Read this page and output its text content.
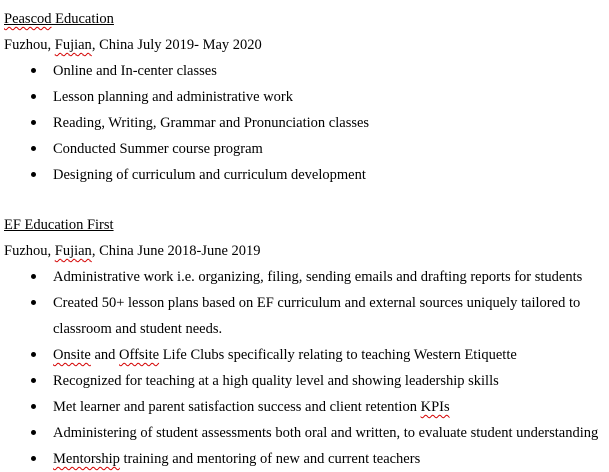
Peascod Education
Fuzhou, Fujian, China July 2019- May 2020
Online and In-center classes
Lesson planning and administrative work
Reading, Writing, Grammar and Pronunciation classes
Conducted Summer course program
Designing of curriculum and curriculum development
EF Education First
Fuzhou, Fujian, China June 2018-June 2019
Administrative work i.e. organizing, filing, sending emails and drafting reports for students
Created 50+ lesson plans based on EF curriculum and external sources uniquely tailored to
classroom and student needs.
Onsite and Offsite Life Clubs specifically relating to teaching Western Etiquette
Recognized for teaching at a high quality level and showing leadership skills
Met learner and parent satisfaction success and client retention KPIs
Administering of student assessments both oral and written, to evaluate student understanding
Mentorship training and mentoring of new and current teachers
